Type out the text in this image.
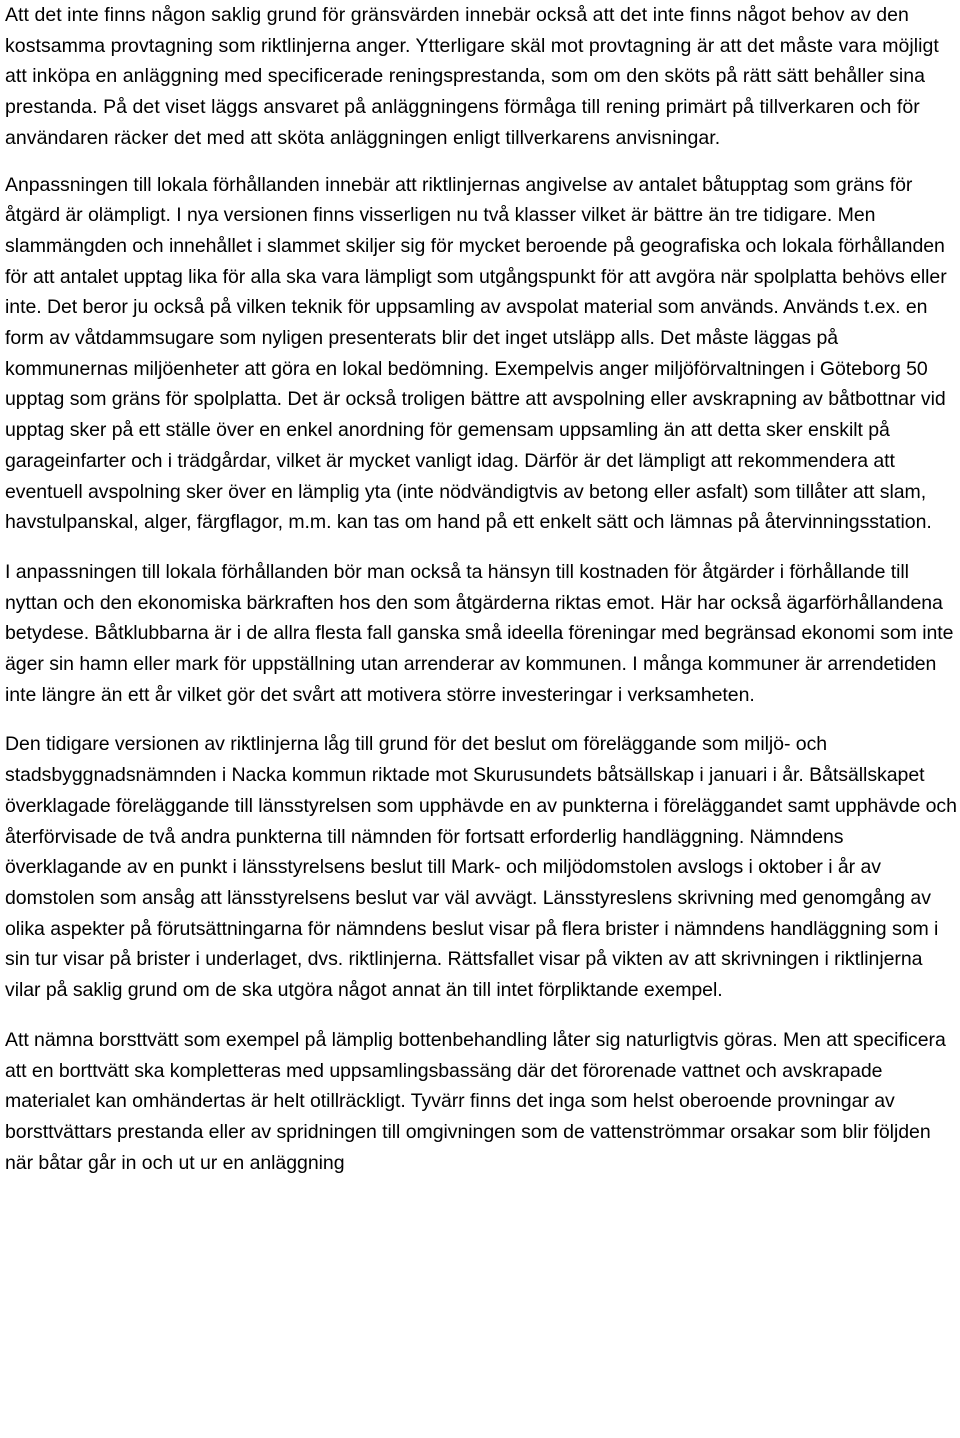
Att det inte finns någon saklig grund för gränsvärden innebär också att det inte finns något behov av den kostsamma provtagning som riktlinjerna anger. Ytterligare skäl mot provtagning är att det måste vara möjligt att inköpa en anläggning med specificerade reningsprestanda, som om den sköts på rätt sätt behåller sina prestanda. På det viset läggs ansvaret på anläggningens förmåga till rening primärt på tillverkaren och för användaren räcker det med att sköta anläggningen enligt tillverkarens anvisningar.

Anpassningen till lokala förhållanden innebär att riktlinjernas angivelse av antalet båtupptag som gräns för åtgärd är olämpligt. I nya versionen finns visserligen nu två klasser vilket är bättre än tre tidigare. Men slammängden och innehållet i slammet skiljer sig för mycket beroende på geografiska och lokala förhållanden för att antalet upptag lika för alla ska vara lämpligt som utgångspunkt för att avgöra när spolplatta behövs eller inte. Det beror ju också på vilken teknik för uppsamling av avspolat material som används. Används t.ex. en form av våtdammsugare som nyligen presenterats blir det inget utsläpp alls. Det måste läggas på kommunernas miljöenheter att göra en lokal bedömning. Exempelvis anger miljöförvaltningen i Göteborg 50 upptag som gräns för spolplatta. Det är också troligen bättre att avspolning eller avskrapning av båtbottnar vid upptag sker på ett ställe över en enkel anordning för gemensam uppsamling än att detta sker enskilt på garageinfarter och i trädgårdar, vilket är mycket vanligt idag. Därför är det lämpligt att rekommendera att eventuell avspolning sker över en lämplig yta (inte nödvändigtvis av betong eller asfalt) som tillåter att slam, havstulpanskal, alger, färgflagor, m.m. kan tas om hand på ett enkelt sätt och lämnas på återvinningsstation.

I anpassningen till lokala förhållanden bör man också ta hänsyn till kostnaden för åtgärder i förhållande till nyttan och den ekonomiska bärkraften hos den som åtgärderna riktas emot. Här har också ägarförhållandena betydese. Båtklubbarna är i de allra flesta fall ganska små ideella föreningar med begränsad ekonomi som inte äger sin hamn eller mark för uppställning utan arrenderar av kommunen. I många kommuner är arrendetiden inte längre än ett år vilket gör det svårt att motivera större investeringar i verksamheten.

Den tidigare versionen av riktlinjerna låg till grund för det beslut om föreläggande som miljö- och stadsbyggnadsnämnden i Nacka kommun riktade mot Skurusundets båtsällskap i januari i år. Båtsällskapet överklagade föreläggande till länsstyrelsen som upphävde en av punkterna i föreläggandet samt upphävde och återförvisade de två andra punkterna till nämnden för fortsatt erforderlig handläggning. Nämndens överklagande av en punkt i länsstyrelsens beslut till Mark- och miljödomstolen avslogs i oktober i år av domstolen som ansåg att länsstyrelsens beslut var väl avvägt. Länsstyreslens skrivning med genomgång av olika aspekter på förutsättningarna för nämndens beslut visar på flera brister i nämndens handläggning som i sin tur visar på brister i underlaget, dvs. riktlinjerna. Rättsfallet visar på vikten av att skrivningen i riktlinjerna vilar på saklig grund om de ska utgöra något annat än till intet förpliktande exempel.

Att nämna borsttvätt som exempel på lämplig bottenbehandling låter sig naturligtvis göras. Men att specificera att en borttvätt ska kompletteras med uppsamlingsbassäng där det förorenade vattnet och avskrapade materialet kan omhändertas är helt otillräckligt. Tyvärr finns det inga som helst oberoende provningar av borsttvättars prestanda eller av spridningen till omgivningen som de vattenströmmar orsakar som blir följden när båtar går in och ut ur en anläggning
